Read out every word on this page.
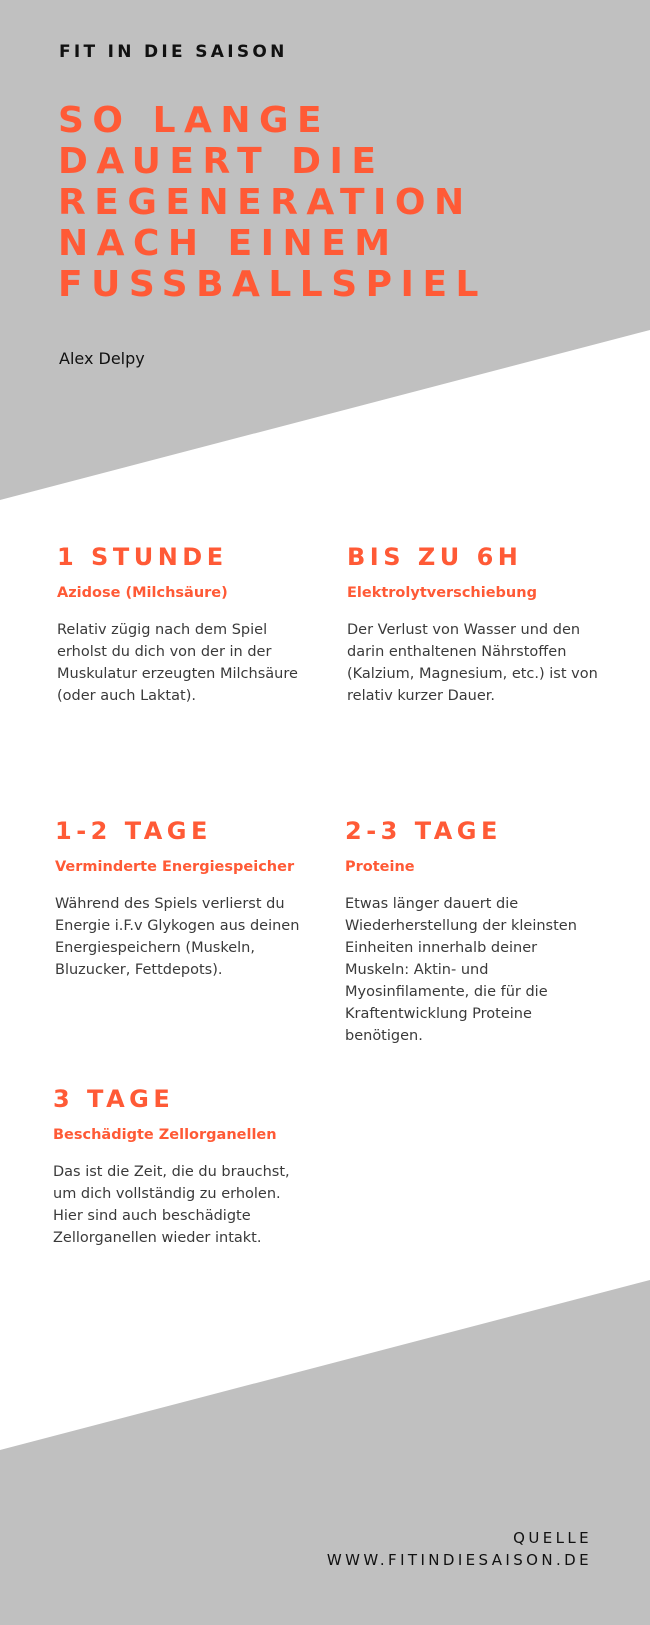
FIT IN DIE SAISON

SO LANGE
DAUERT DIE
REGENERATION
NACH EINEM
FUSSBALLSPIEL

Alex Delpy

1 STUNDE

Azidose (Milchsäure)

Relativ zügig nach dem Spiel erholst du dich von der in der Muskulatur erzeugten Milchsäure (oder auch Laktat).

BIS ZU 6H

Elektrolytverschiebung

Der Verlust von Wasser und den darin enthaltenen Nährstoffen (Kalzium, Magnesium, etc.) ist von relativ kurzer Dauer.

1-2 TAGE

Verminderte Energiespeicher

Während des Spiels verlierst du Energie i.F.v Glykogen aus deinen Energiespeichern (Muskeln, Bluzucker, Fettdepots).

2-3 TAGE

Proteine

Etwas länger dauert die Wiederherstellung der kleinsten Einheiten innerhalb deiner Muskeln: Aktin- und Myosinfilamente, die für die Kraftentwicklung Proteine benötigen.

3 TAGE

Beschädigte Zellorganellen

Das ist die Zeit, die du brauchst, um dich vollständig zu erholen. Hier sind auch beschädigte Zellorganellen wieder intakt.

QUELLE
WWW.FITINDIESAISON.DE
